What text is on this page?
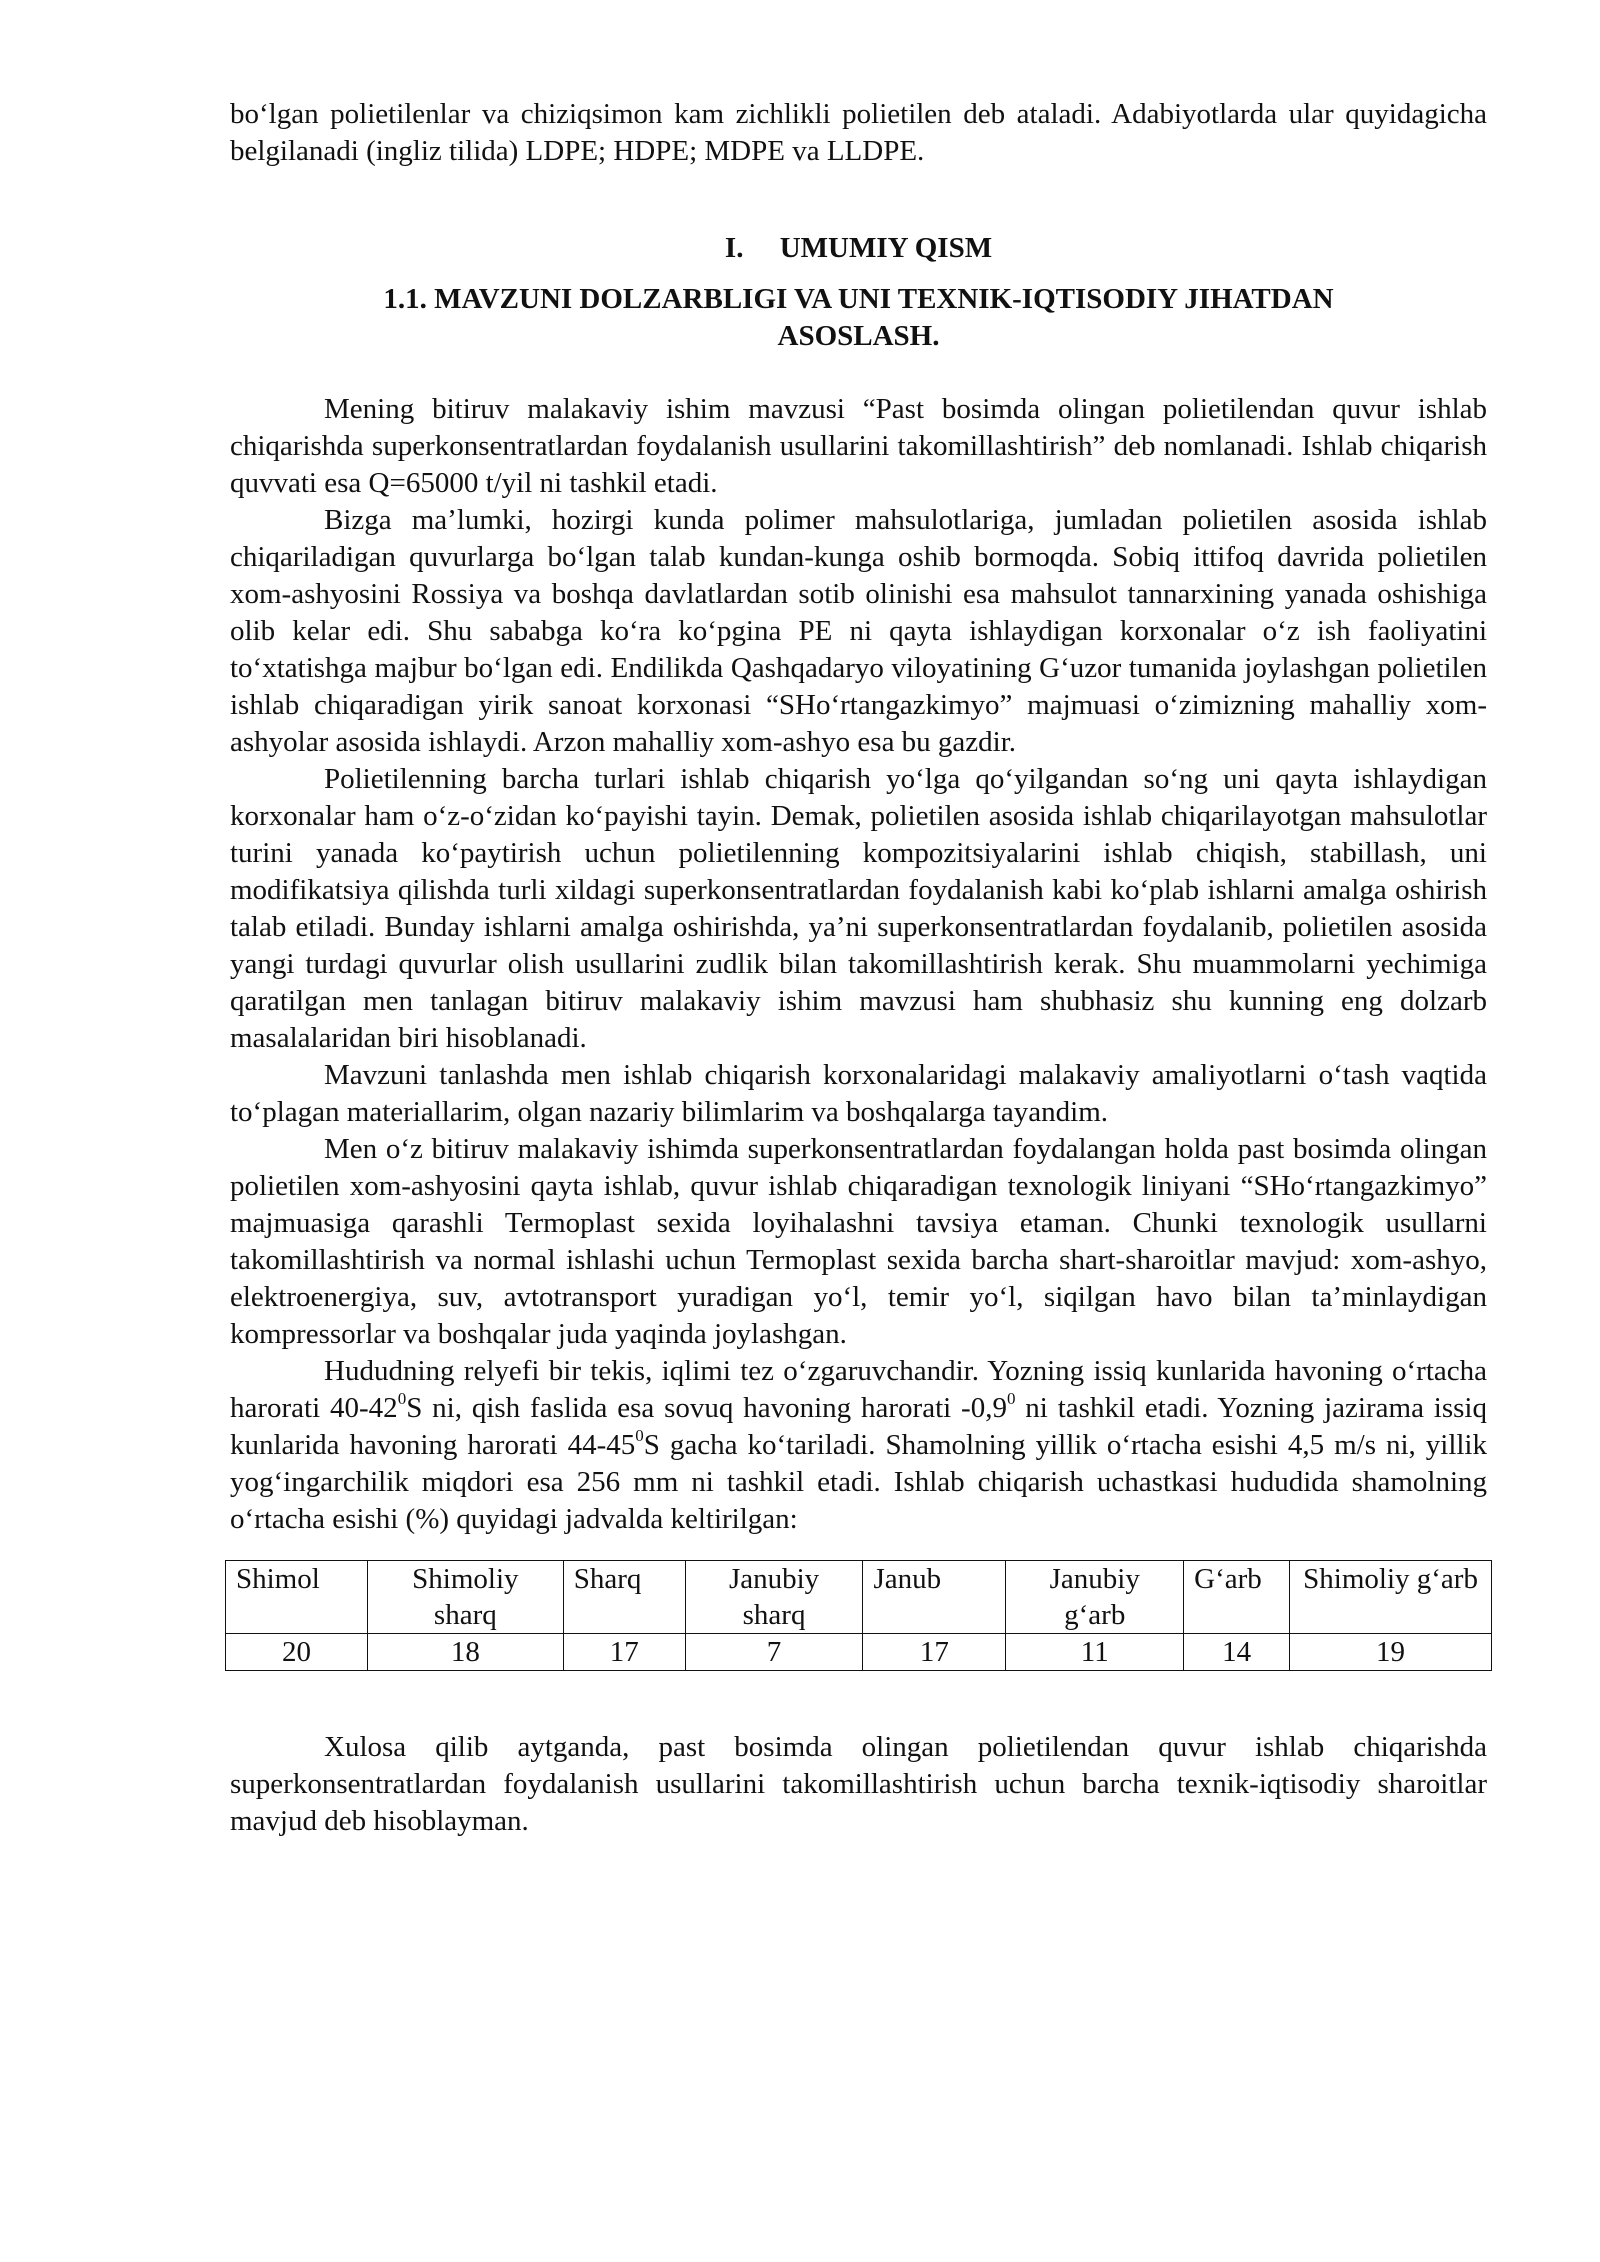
bo‘lgan polietilenlar va chiziqsimon kam zichlikli polietilen deb ataladi. Adabiyotlarda ular quyidagicha belgilanadi (ingliz tilida) LDPE; HDPE; MDPE va LLDPE.

I.     UMUMIY QISM
1.1. MAVZUNI DOLZARBLIGI VA UNI TEXNIK-IQTISODIY JIHATDAN ASOSLASH.

Mening bitiruv malakaviy ishim mavzusi “Past bosimda olingan polietilendan quvur ishlab chiqarishda superkonsentratlardan foydalanish usullarini takomillashtirish” deb nomlanadi. Ishlab chiqarish quvvati esa Q=65000 t/yil ni tashkil etadi.

Bizga ma’lumki, hozirgi kunda polimer mahsulotlariga, jumladan polietilen asosida ishlab chiqariladigan quvurlarga bo‘lgan talab kundan-kunga oshib bormoqda. Sobiq ittifoq davrida polietilen xom-ashyosini Rossiya va boshqa davlatlardan sotib olinishi esa mahsulot tannarxining yanada oshishiga olib kelar edi. Shu sababga ko‘ra ko‘pgina PE ni qayta ishlaydigan korxonalar o‘z ish faoliyatini to‘xtatishga majbur bo‘lgan edi. Endilikda Qashqadaryo viloyatining G‘uzor tumanida joylashgan polietilen ishlab chiqaradigan yirik sanoat korxonasi “SHo‘rtangazkimyo” majmuasi o‘zimizning mahalliy xom-ashyolar asosida ishlaydi. Arzon mahalliy xom-ashyo esa bu gazdir.

Polietilenning barcha turlari ishlab chiqarish yo‘lga qo‘yilgandan so‘ng uni qayta ishlaydigan korxonalar ham o‘z-o‘zidan ko‘payishi tayin. Demak, polietilen asosida ishlab chiqarilayotgan mahsulotlar turini yanada ko‘paytirish uchun polietilenning kompozitsiyalarini ishlab chiqish, stabillash, uni modifikatsiya qilishda turli xildagi superkonsentratlardan foydalanish kabi ko‘plab ishlarni amalga oshirish talab etiladi. Bunday ishlarni amalga oshirishda, ya’ni superkonsentratlardan foydalanib, polietilen asosida yangi turdagi quvurlar olish usullarini zudlik bilan takomillashtirish kerak. Shu muammolarni yechimiga qaratilgan men tanlagan bitiruv malakaviy ishim mavzusi ham shubhasiz shu kunning eng dolzarb masalalaridan biri hisoblanadi.

Mavzuni tanlashda men ishlab chiqarish korxonalaridagi malakaviy amaliyotlarni o‘tash vaqtida to‘plagan materiallarim, olgan nazariy bilimlarim va boshqalarga tayandim.

Men o‘z bitiruv malakaviy ishimda superkonsentratlardan foydalangan holda past bosimda olingan polietilen xom-ashyosini qayta ishlab, quvur ishlab chiqaradigan texnologik liniyani “SHo‘rtangazkimyo” majmuasiga qarashli Termoplast sexida loyihalashni tavsiya etaman. Chunki texnologik usullarni takomillashtirish va normal ishlashi uchun Termoplast sexida barcha shart-sharoitlar mavjud: xom-ashyo, elektroenergiya, suv, avtotransport yuradigan yo‘l, temir yo‘l, siqilgan havo bilan ta’minlaydigan kompressorlar va boshqalar juda yaqinda joylashgan.

Hududning relyefi bir tekis, iqlimi tez o‘zgaruvchandir. Yozning issiq kunlarida havoning o‘rtacha harorati $40-42^0S$ ni, qish faslida esa sovuq havoning harorati $-0,9^0$ ni tashkil etadi. Yozning jazirama issiq kunlarida havoning harorati $44-45^0S$ gacha ko‘tariladi. Shamolning yillik o‘rtacha esishi 4,5 m/s ni, yillik yog‘ingarchilik miqdori esa 256 mm ni tashkil etadi. Ishlab chiqarish uchastkasi hududida shamolning o‘rtacha esishi (%) quyidagi jadvalda keltirilgan:

Shimol	Shimoliy sharq	Sharq	Janubiy sharq	Janub	Janubiy g‘arb	G‘arb	Shimoliy g‘arb
20	18	17	7	17	11	14	19

Xulosa qilib aytganda, past bosimda olingan polietilendan quvur ishlab chiqarishda superkonsentratlardan foydalanish usullarini takomillashtirish uchun barcha texnik-iqtisodiy sharoitlar mavjud deb hisoblayman.
